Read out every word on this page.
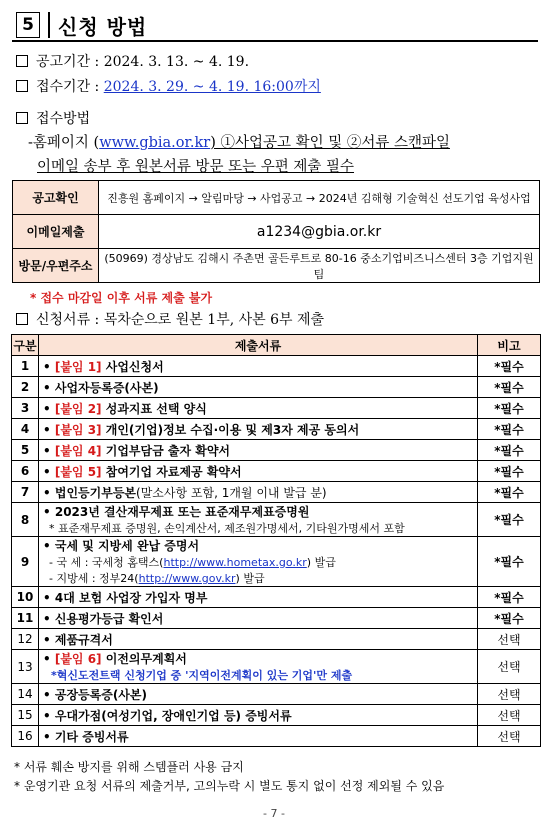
5	신청 방법
공고기간 : 2024. 3. 13. ~ 4. 19.
접수기간 : 2024. 3. 29. ~ 4. 19. 16:00까지
접수방법
-홈페이지 (www.gbia.or.kr) ①사업공고 확인 및 ②서류 스캔파일
이메일 송부 후 원본서류 방문 또는 우편 제출 필수
공고확인	진흥원 홈페이지 → 알림마당 → 사업공고 → 2024년 김해형 기술혁신 선도기업 육성사업
이메일제출	a1234@gbia.or.kr
방문/우편주소	(50969) 경상남도 김해시 주촌면 골든루트로 80-16 중소기업비즈니스센터 3층 기업지원팀
* 접수 마감일 이후 서류 제출 불가
신청서류 : 목차순으로 원본 1부, 사본 6부 제출
구분	제출서류	비고
1	• [붙임 1] 사업신청서	*필수
2	• 사업자등록증(사본)	*필수
3	• [붙임 2] 성과지표 선택 양식	*필수
4	• [붙임 3] 개인(기업)정보 수집·이용 및 제3자 제공 동의서	*필수
5	• [붙임 4] 기업부담금 출자 확약서	*필수
6	• [붙임 5] 참여기업 자료제공 확약서	*필수
7	• 법인등기부등본(말소사항 포함, 1개월 이내 발급 분)	*필수
8	• 2023년 결산재무제표 또는 표준재무제표증명원
* 표준재무제표 증명원, 손익계산서, 제조원가명세서, 기타원가명세서 포함	*필수
9	• 국세 및 지방세 완납 증명서
- 국 세 : 국세청 홈택스(http://www.hometax.go.kr) 발급
- 지방세 : 정부24(http://www.gov.kr) 발급	*필수
10	• 4대 보험 사업장 가입자 명부	*필수
11	• 신용평가등급 확인서	*필수
12	• 제품규격서	선택
13	• [붙임 6] 이전의무계획서
*혁신도전트랙 신청기업 중 '지역이전계획이 있는 기업'만 제출	선택
14	• 공장등록증(사본)	선택
15	• 우대가점(여성기업, 장애인기업 등) 증빙서류	선택
16	• 기타 증빙서류	선택
* 서류 훼손 방지를 위해 스템플러 사용 금지
* 운영기관 요청 서류의 제출거부, 고의누락 시 별도 통지 없이 선정 제외될 수 있음
- 7 -
